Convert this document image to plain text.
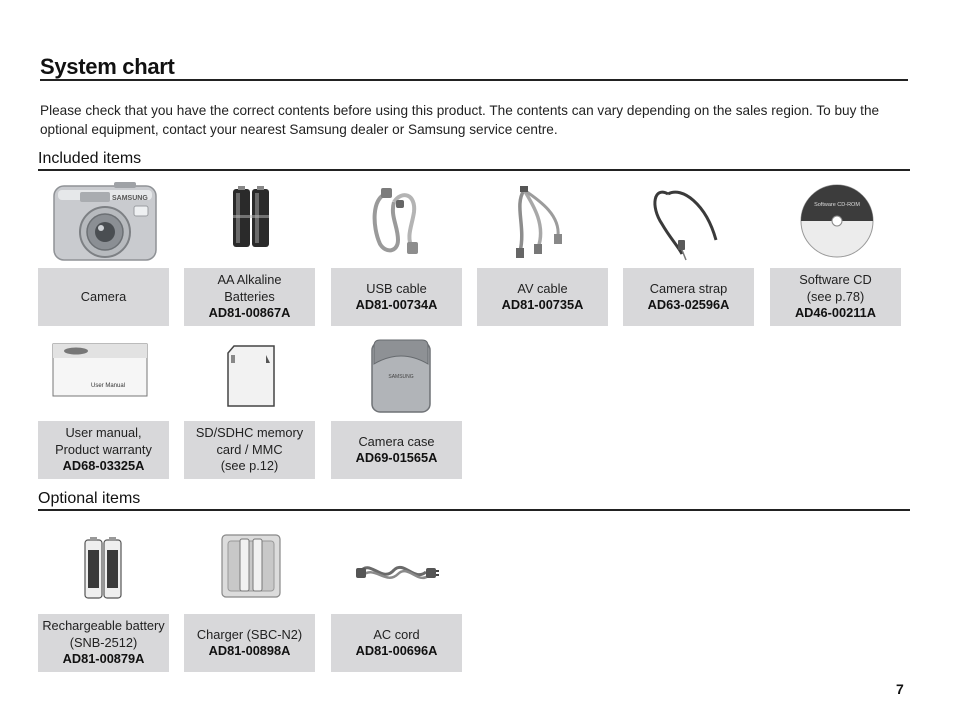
System chart
Please check that you have the correct contents before using this product. The contents can vary depending on the sales region. To buy the optional equipment, contact your nearest Samsung dealer or Samsung service centre.
Included items
SAMSUNG
Software CD-ROM
Camera
AA Alkaline
Batteries
AD81-00867A
USB cable
AD81-00734A
AV cable
AD81-00735A
Camera strap
AD63-02596A
Software CD
(see p.78)
AD46-00211A
User Manual
SAMSUNG
User manual,
Product warranty
AD68-03325A
SD/SDHC memory
card / MMC
(see p.12)
Camera case
AD69-01565A
Optional items
Rechargeable battery
(SNB-2512)
AD81-00879A
Charger (SBC-N2)
AD81-00898A
AC cord
AD81-00696A
7
